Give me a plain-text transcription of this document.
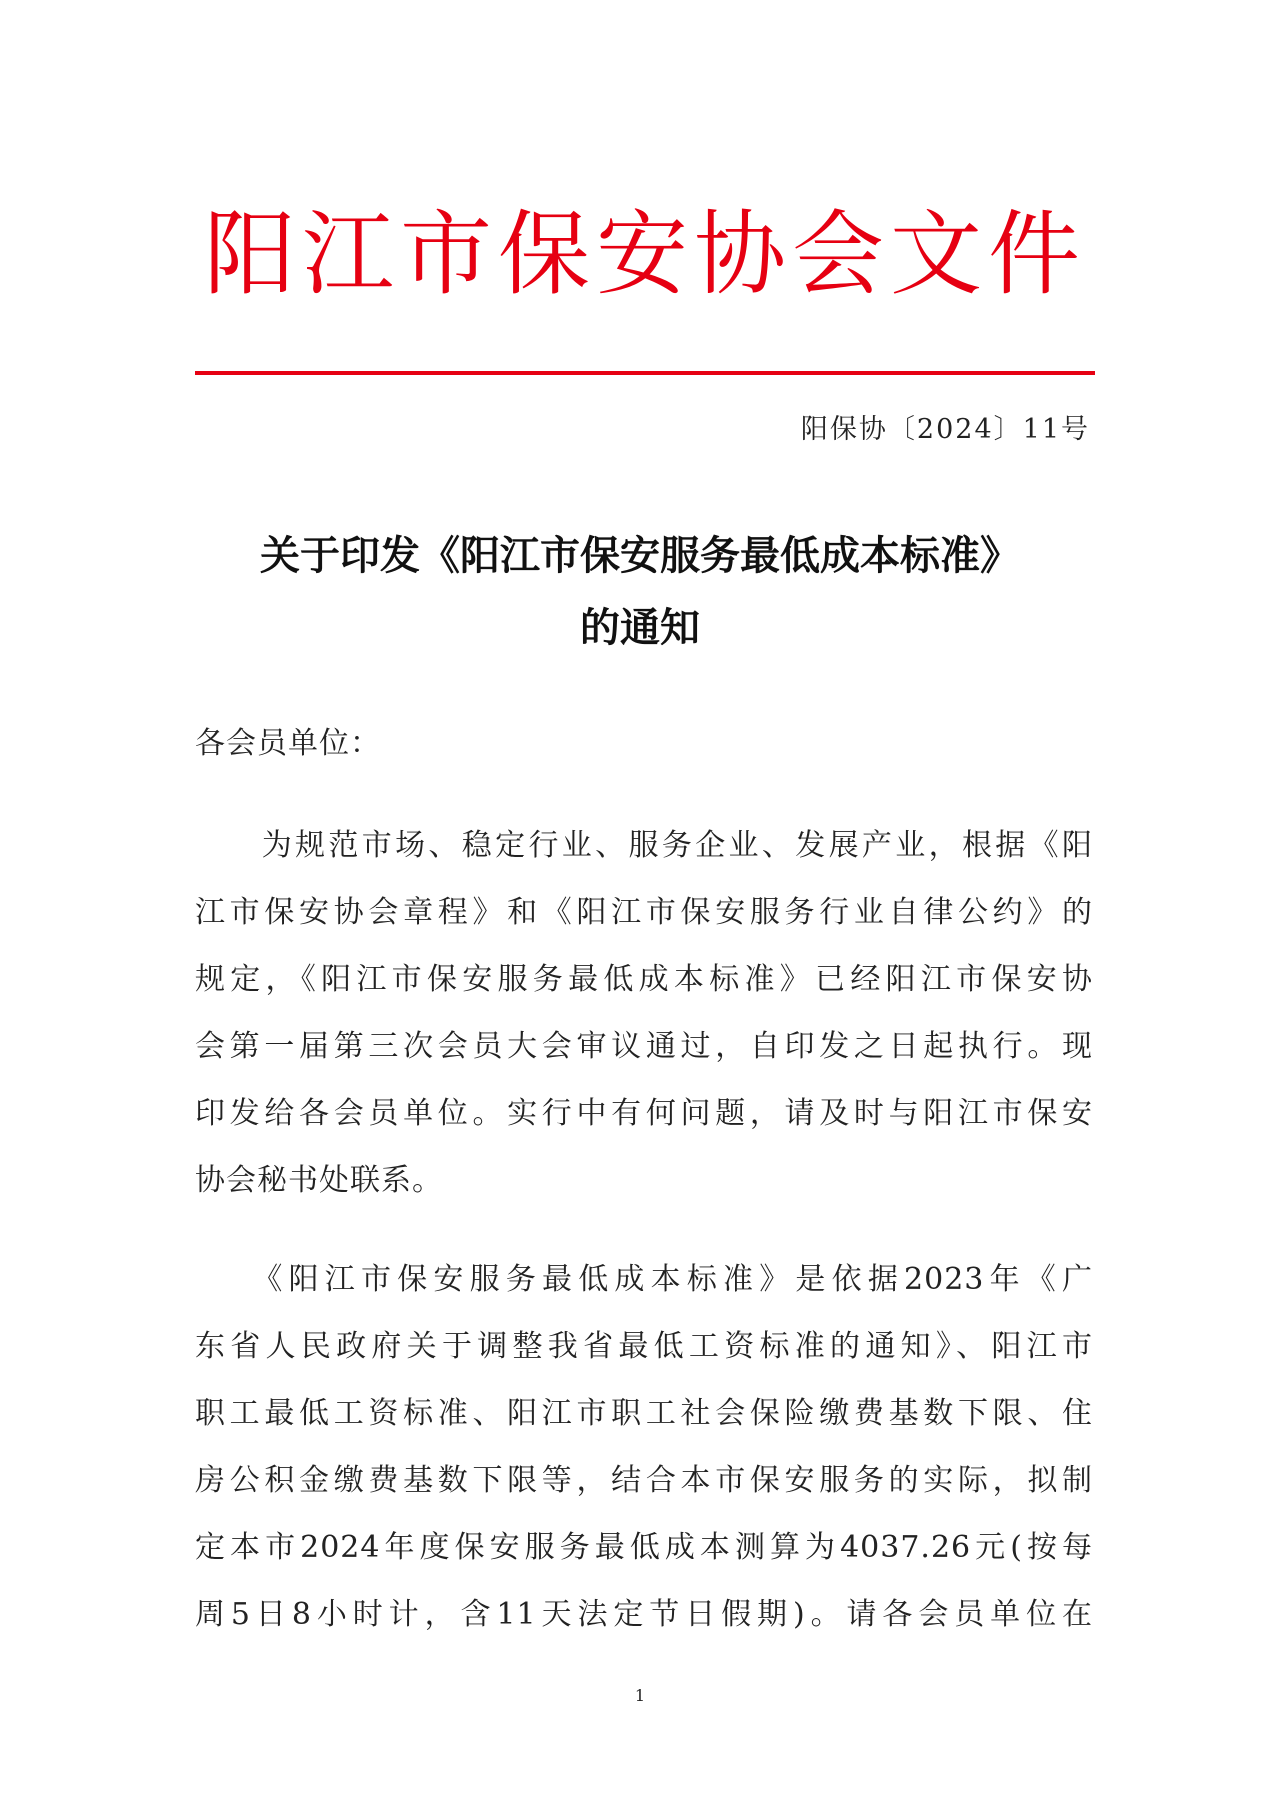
阳江市保安协会文件
阳保协〔2024〕11号
关于印发《阳江市保安服务最低成本标准》
的通知
各会员单位：
　　为规范市场、稳定行业、服务企业、发展产业，根据《阳
江市保安协会章程》和《阳江市保安服务行业自律公约》的
规定，《阳江市保安服务最低成本标准》已经阳江市保安协
会第一届第三次会员大会审议通过，自印发之日起执行。现
印发给各会员单位。实行中有何问题，请及时与阳江市保安
协会秘书处联系。
　　《阳江市保安服务最低成本标准》是依据2023年《广
东省人民政府关于调整我省最低工资标准的通知》、阳江市
职工最低工资标准、阳江市职工社会保险缴费基数下限、住
房公积金缴费基数下限等，结合本市保安服务的实际，拟制
定本市2024年度保安服务最低成本测算为4037.26元(按每
周5日8小时计，含11天法定节日假期)。请各会员单位在
1
